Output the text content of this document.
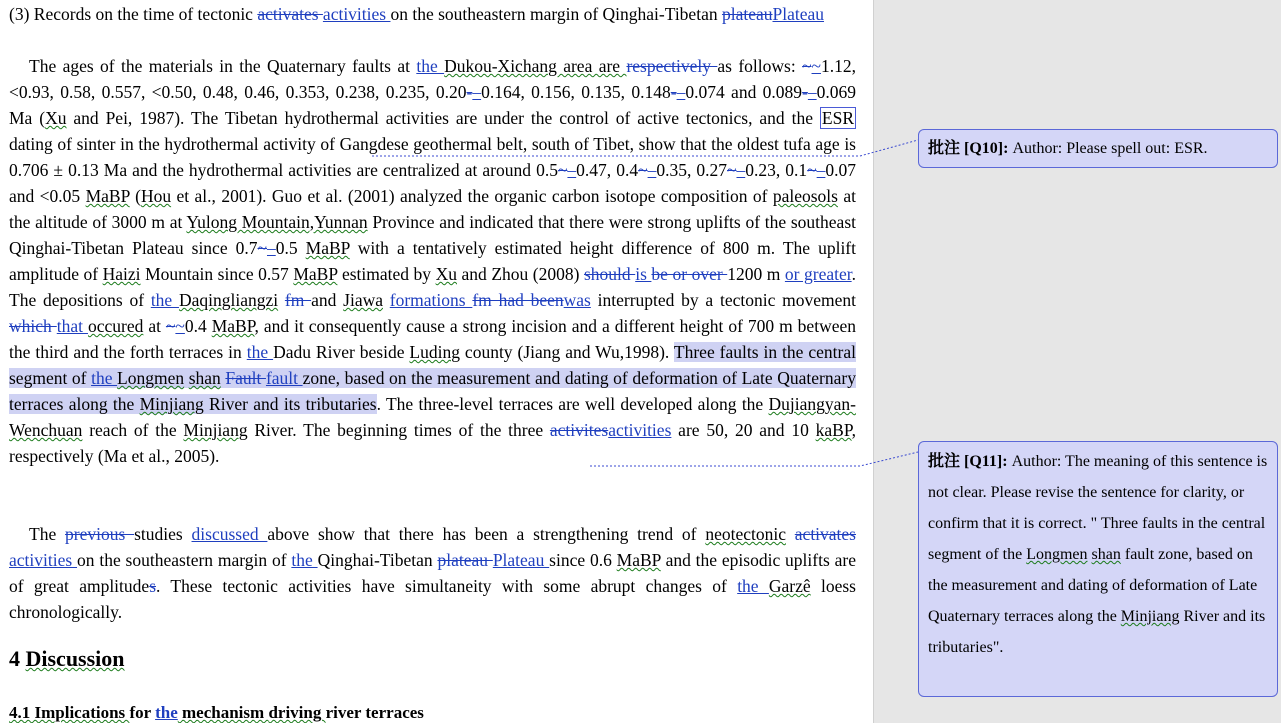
(3) Records on the time of tectonic activates activities on the southeastern margin of Qinghai-Tibetan plateauPlateau

The ages of the materials in the Quaternary faults at the Dukou-Xichang area are respectively as follows: ~~1.12, <0.93, 0.58, 0.557, <0.50, 0.48, 0.46, 0.353, 0.238, 0.235, 0.20-–0.164, 0.156, 0.135, 0.148-–0.074 and 0.089-–0.069 Ma (Xu and Pei, 1987). The Tibetan hydrothermal activities are under the control of active tectonics, and the ESR dating of sinter in the hydrothermal activity of Gangdese geothermal belt, south of Tibet, show that the oldest tufa age is 0.706 ± 0.13 Ma and the hydrothermal activities are centralized at around 0.5~–0.47, 0.4~–0.35, 0.27~–0.23, 0.1~–0.07 and <0.05 MaBP (Hou et al., 2001). Guo et al. (2001) analyzed the organic carbon isotope composition of paleosols at the altitude of 3000 m at Yulong Mountain,Yunnan Province and indicated that there were strong uplifts of the southeast Qinghai-Tibetan Plateau since 0.7~–0.5 MaBP with a tentatively estimated height difference of 800 m. The uplift amplitude of Haizi Mountain since 0.57 MaBP estimated by Xu and Zhou (2008) should is be or over 1200 m or greater. The depositions of the Daqingliangzi fm and Jiawa formations fm had beenwas interrupted by a tectonic movement which that occured at ~~0.4 MaBP, and it consequently cause a strong incision and a different height of 700 m between the third and the forth terraces in the Dadu River beside Luding county (Jiang and Wu,1998). Three faults in the central segment of the Longmen shan Fault fault zone, based on the measurement and dating of deformation of Late Quaternary terraces along the Minjiang River and its tributaries. The three-level terraces are well developed along the Dujiangyan-Wenchuan reach of the Minjiang River. The beginning times of the three activitesactivities are 50, 20 and 10 kaBP, respectively (Ma et al., 2005).

The previous studies discussed above show that there has been a strengthening trend of neotectonic activates activities on the southeastern margin of the Qinghai-Tibetan plateau Plateau since 0.6 MaBP and the episodic uplifts are of great amplitudes. These tectonic activities have simultaneity with some abrupt changes of the Garzê loess chronologically.

4 Discussion
4.1 Implications for the mechanism driving river terraces
批注 [Q10]: Author: Please spell out: ESR.
批注 [Q11]: Author: The meaning of this sentence is not clear. Please revise the sentence for clarity, or confirm that it is correct. " Three faults in the central segment of the Longmen shan fault zone, based on the measurement and dating of deformation of Late Quaternary terraces along the Minjiang River and its tributaries".
